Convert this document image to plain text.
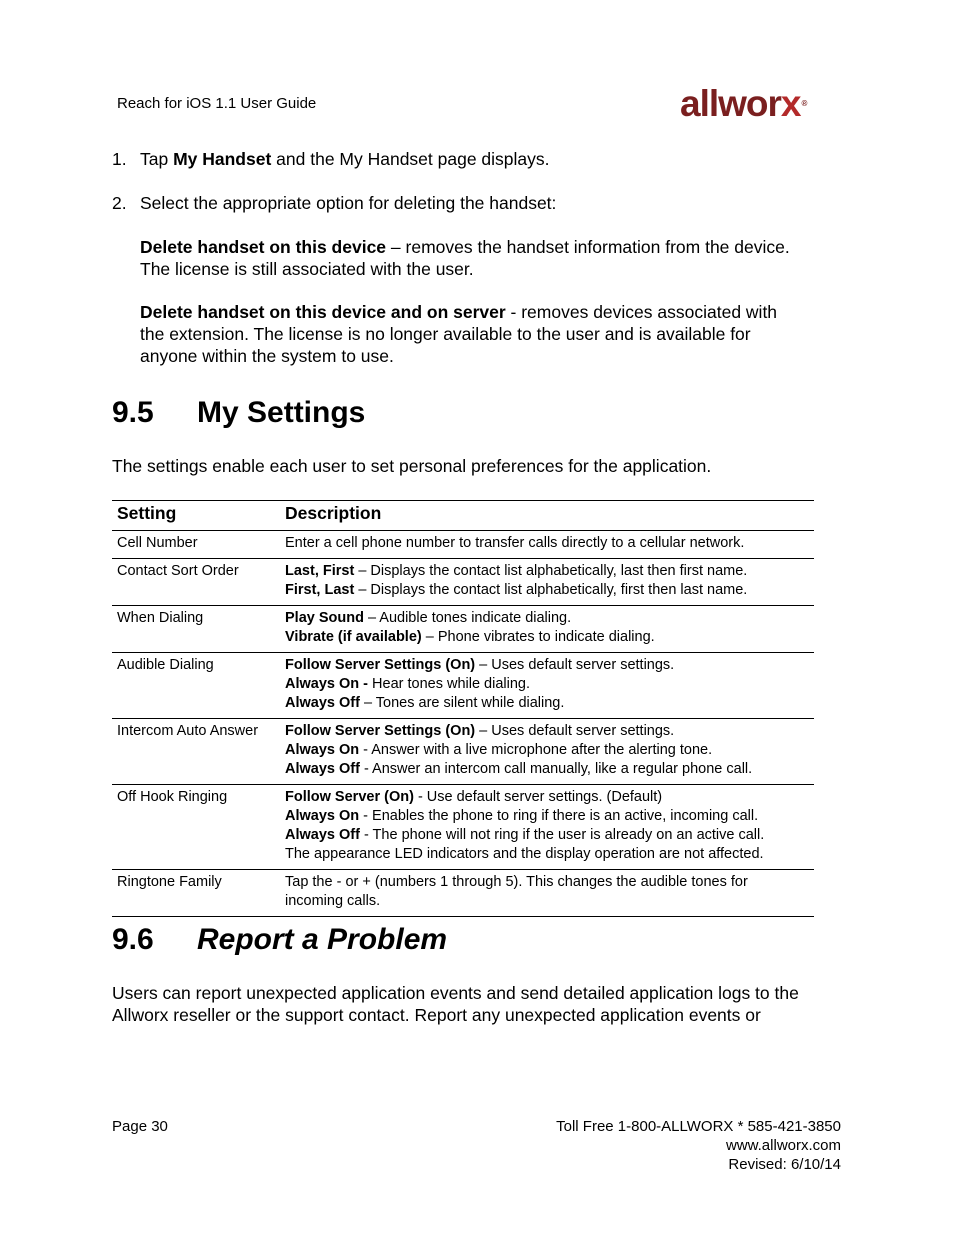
Reach for iOS 1.1 User Guide	allworx®
1. Tap My Handset and the My Handset page displays.
2. Select the appropriate option for deleting the handset:
Delete handset on this device – removes the handset information from the device.
The license is still associated with the user.
Delete handset on this device and on server - removes devices associated with
the extension. The license is no longer available to the user and is available for
anyone within the system to use.
9.5 My Settings
The settings enable each user to set personal preferences for the application.
Setting	Description
Cell Number	Enter a cell phone number to transfer calls directly to a cellular network.

Contact Sort Order	Last, First – Displays the contact list alphabetically, last then first name.
First, Last – Displays the contact list alphabetically, first then last name.

When Dialing	Play Sound – Audible tones indicate dialing.
Vibrate (if available) – Phone vibrates to indicate dialing.

Audible Dialing	Follow Server Settings (On) – Uses default server settings.
Always On - Hear tones while dialing.
Always Off – Tones are silent while dialing.

Intercom Auto Answer	Follow Server Settings (On) – Uses default server settings.
Always On - Answer with a live microphone after the alerting tone.
Always Off - Answer an intercom call manually, like a regular phone call.

Off Hook Ringing	Follow Server (On) - Use default server settings. (Default)
Always On - Enables the phone to ring if there is an active, incoming call.
Always Off - The phone will not ring if the user is already on an active call.
The appearance LED indicators and the display operation are not affected.

Ringtone Family	Tap the - or + (numbers 1 through 5). This changes the audible tones for
incoming calls.
9.6 Report a Problem
Users can report unexpected application events and send detailed application logs to the
Allworx reseller or the support contact. Report any unexpected application events or
Page 30	Toll Free 1-800-ALLWORX * 585-421-3850
www.allworx.com
Revised: 6/10/14
